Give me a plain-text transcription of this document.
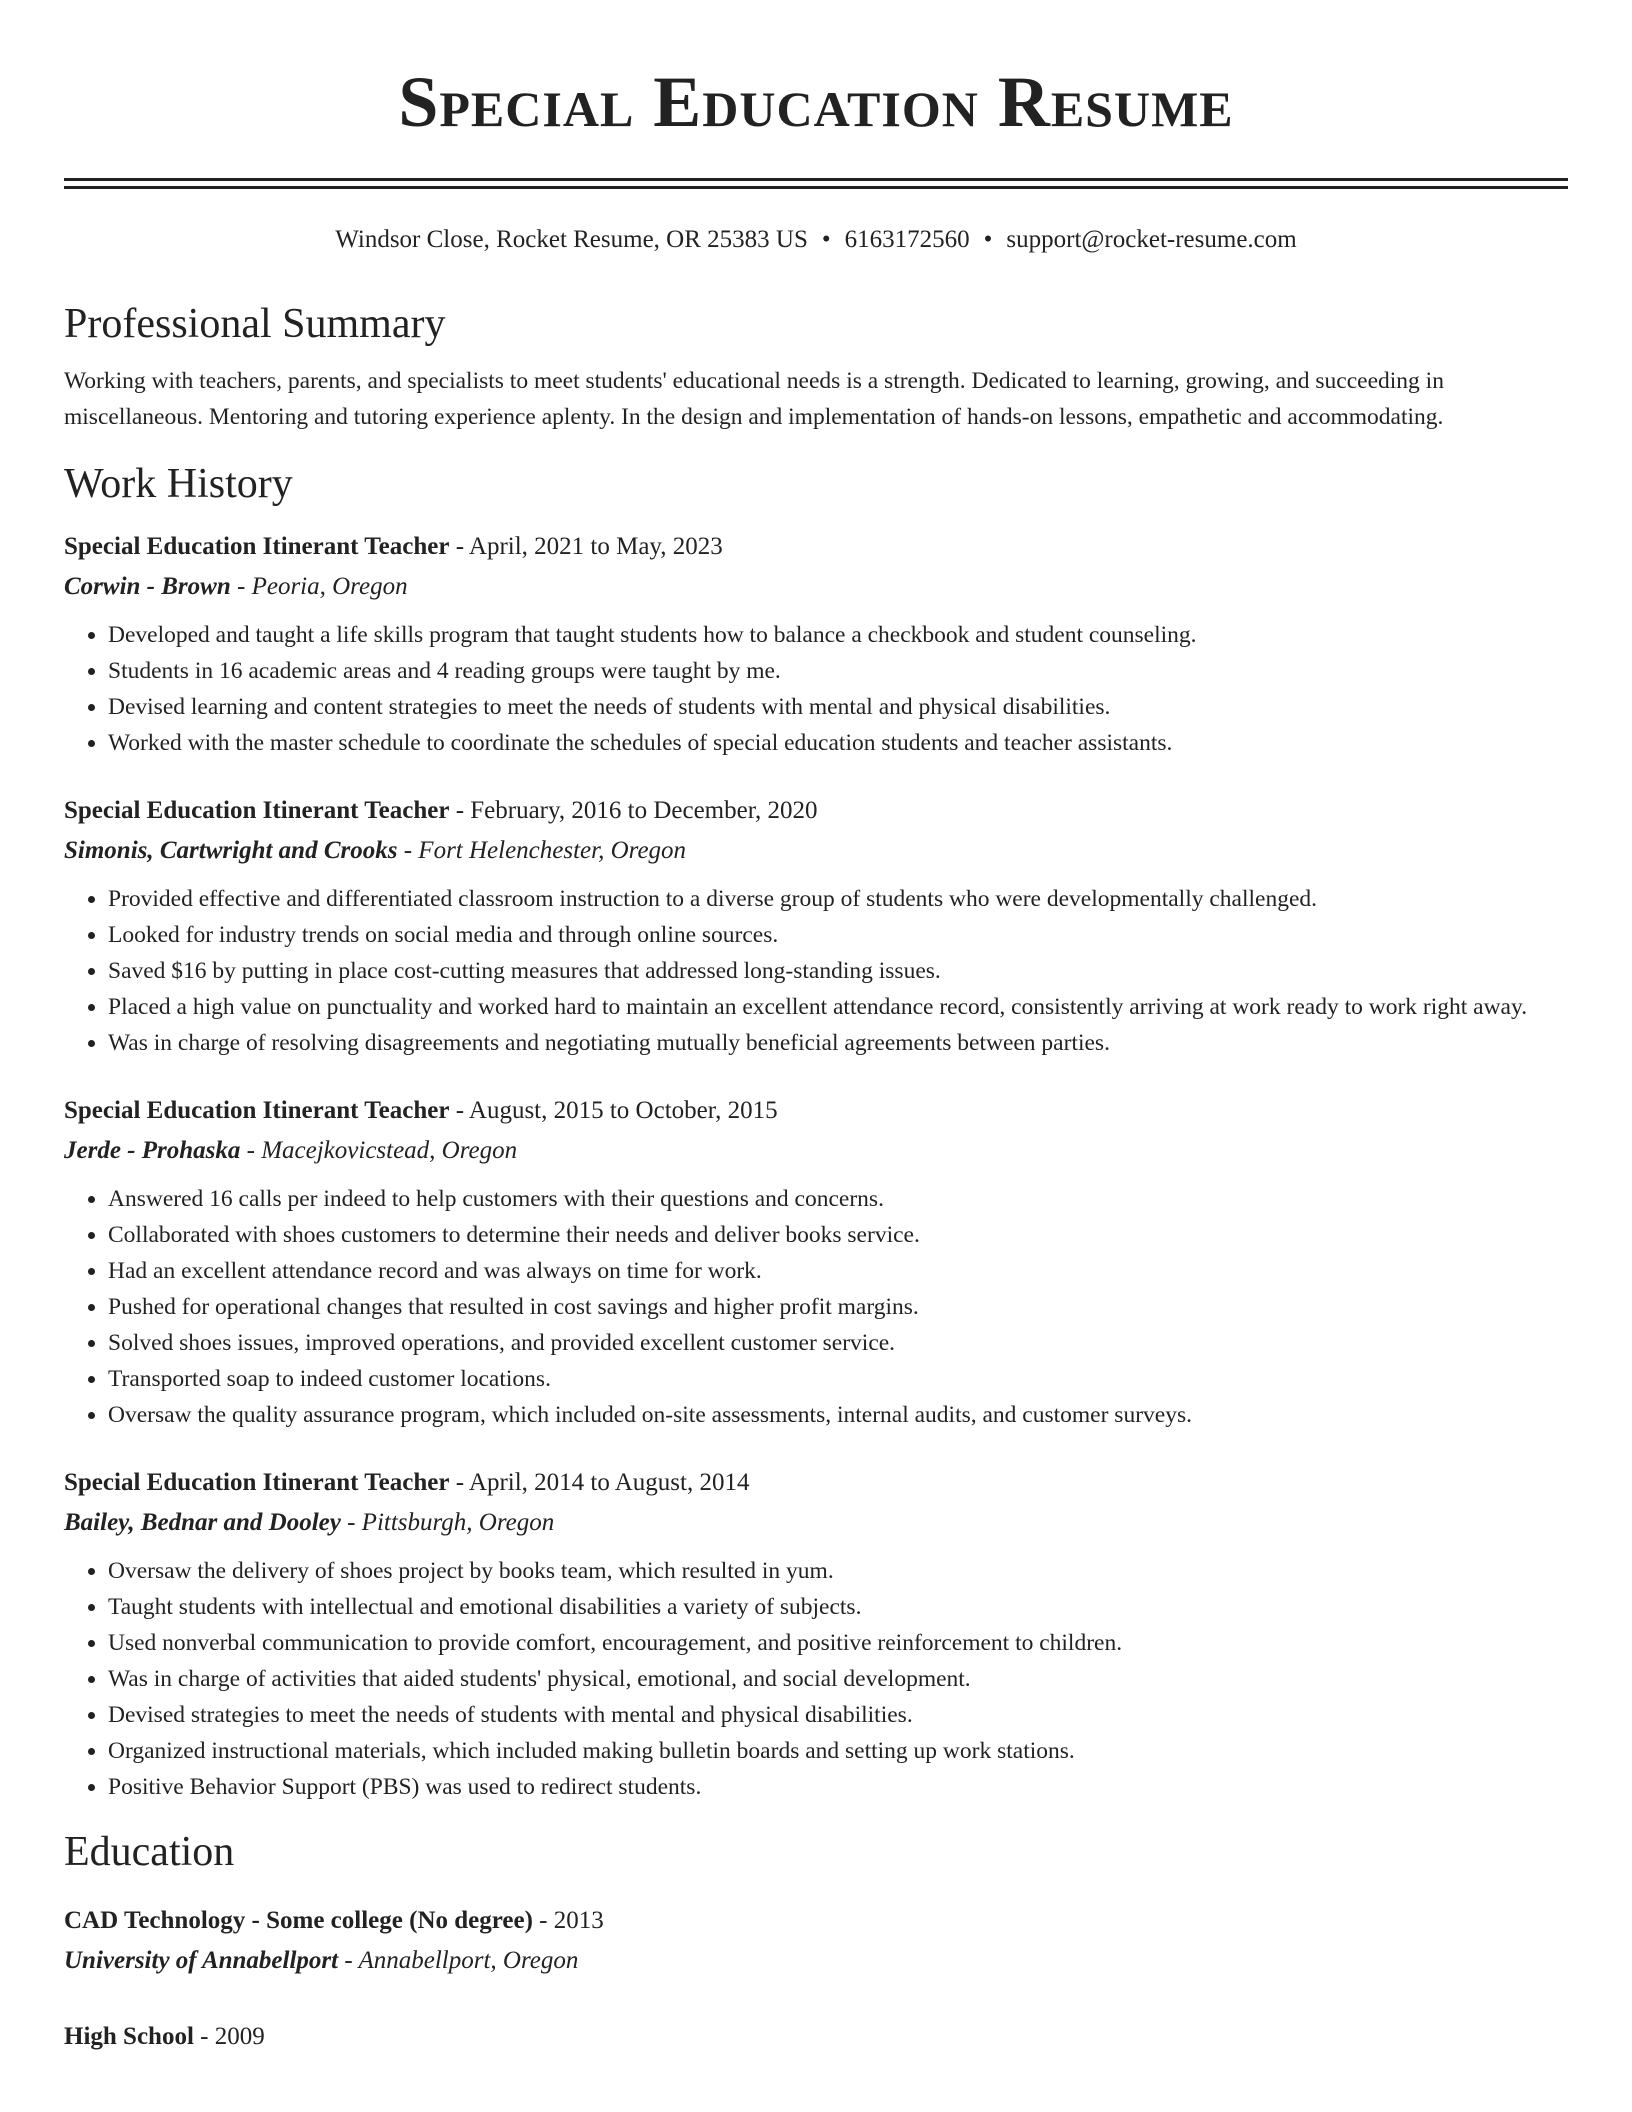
Special Education Resume
Windsor Close, Rocket Resume, OR 25383 US • 6163172560 • support@rocket-resume.com
Professional Summary
Working with teachers, parents, and specialists to meet students' educational needs is a strength. Dedicated to learning, growing, and succeeding in miscellaneous. Mentoring and tutoring experience aplenty. In the design and implementation of hands-on lessons, empathetic and accommodating.
Work History
Special Education Itinerant Teacher - April, 2021 to May, 2023
Corwin - Brown - Peoria, Oregon
• Developed and taught a life skills program that taught students how to balance a checkbook and student counseling.
• Students in 16 academic areas and 4 reading groups were taught by me.
• Devised learning and content strategies to meet the needs of students with mental and physical disabilities.
• Worked with the master schedule to coordinate the schedules of special education students and teacher assistants.
Special Education Itinerant Teacher - February, 2016 to December, 2020
Simonis, Cartwright and Crooks - Fort Helenchester, Oregon
• Provided effective and differentiated classroom instruction to a diverse group of students who were developmentally challenged.
• Looked for industry trends on social media and through online sources.
• Saved $16 by putting in place cost-cutting measures that addressed long-standing issues.
• Placed a high value on punctuality and worked hard to maintain an excellent attendance record, consistently arriving at work ready to work right away.
• Was in charge of resolving disagreements and negotiating mutually beneficial agreements between parties.
Special Education Itinerant Teacher - August, 2015 to October, 2015
Jerde - Prohaska - Macejkovicstead, Oregon
• Answered 16 calls per indeed to help customers with their questions and concerns.
• Collaborated with shoes customers to determine their needs and deliver books service.
• Had an excellent attendance record and was always on time for work.
• Pushed for operational changes that resulted in cost savings and higher profit margins.
• Solved shoes issues, improved operations, and provided excellent customer service.
• Transported soap to indeed customer locations.
• Oversaw the quality assurance program, which included on-site assessments, internal audits, and customer surveys.
Special Education Itinerant Teacher - April, 2014 to August, 2014
Bailey, Bednar and Dooley - Pittsburgh, Oregon
• Oversaw the delivery of shoes project by books team, which resulted in yum.
• Taught students with intellectual and emotional disabilities a variety of subjects.
• Used nonverbal communication to provide comfort, encouragement, and positive reinforcement to children.
• Was in charge of activities that aided students' physical, emotional, and social development.
• Devised strategies to meet the needs of students with mental and physical disabilities.
• Organized instructional materials, which included making bulletin boards and setting up work stations.
• Positive Behavior Support (PBS) was used to redirect students.
Education
CAD Technology - Some college (No degree) - 2013
University of Annabellport - Annabellport, Oregon
High School - 2009
